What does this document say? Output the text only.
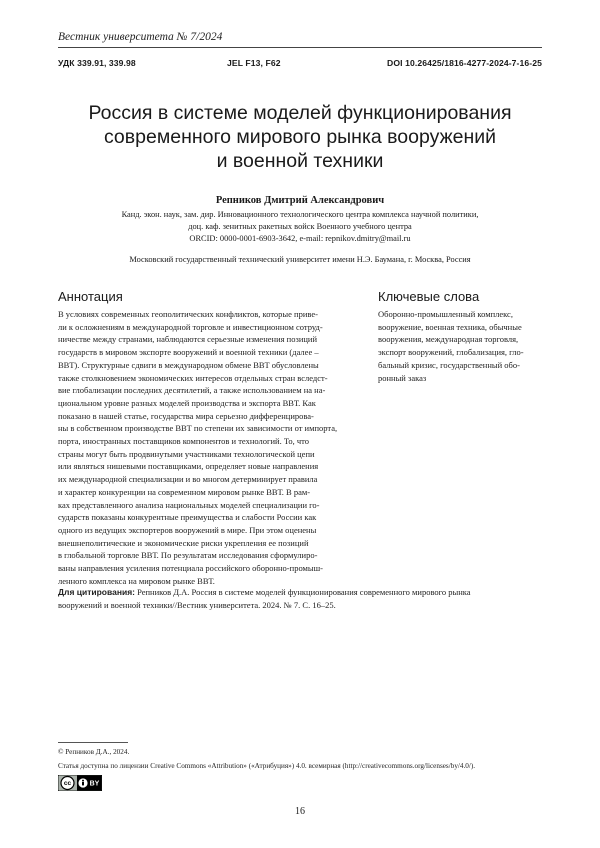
Вестник университета № 7/2024
УДК 339.91, 339.98	JEL F13, F62	DOI 10.26425/1816-4277-2024-7-16-25
Россия в системе моделей функционирования
современного мирового рынка вооружений
и военной техники
Репников Дмитрий Александрович
Канд. экон. наук, зам. дир. Инновационного технологического центра комплекса научной политики,
доц. каф. зенитных ракетных войск Военного учебного центра
ORCID: 0000-0001-6903-3642, e-mail: repnikov.dmitry@mail.ru
Московский государственный технический университет имени Н.Э. Баумана, г. Москва, Россия
Аннотация	Ключевые слова
В условиях современных геополитических конфликтов, которые приве-
ли к осложнениям в международной торговле и инвестиционном сотруд-
ничестве между странами, наблюдаются серьезные изменения позиций
государств в мировом экспорте вооружений и военной техники (далее –
ВВТ). Структурные сдвиги в международном обмене ВВТ обусловлены
также столкновением экономических интересов отдельных стран вследст-
вие глобализации последних десятилетий, а также использованием на на-
циональном уровне разных моделей производства и экспорта ВВТ. Как
показано в нашей статье, государства мира серьезно дифференцирова-
ны в собственном производстве ВВТ по степени их зависимости от импорта,
порта, иностранных поставщиков компонентов и технологий. То, что
страны могут быть продвинутыми участниками технологической цепи
или являться нишевыми поставщиками, определяет новые направления
их международной специализации и во многом детерминирует правила
и характер конкуренции на современном мировом рынке ВВТ. В рам-
ках представленного анализа национальных моделей специализации го-
сударств показаны конкурентные преимущества и слабости России как
одного из ведущих экспортеров вооружений в мире. При этом оценены
внешнеполитические и экономические риски укрепления ее позиций
в глобальной торговле ВВТ. По результатам исследования сформулиро-
ваны направления усиления потенциала российского оборонно-промыш-
ленного комплекса на мировом рынке ВВТ.
Оборонно-промышленный комплекс,
вооружение, военная техника, обычные
вооружения, международная торговля,
экспорт вооружений, глобализация, гло-
бальный кризис, государственный обо-
ронный заказ
Для цитирования: Репников Д.А. Россия в системе моделей функционирования современного мирового рынка
вооружений и военной техники//Вестник университета. 2024. № 7. С. 16–25.
© Репников Д.А., 2024.
Статья доступна по лицензии Creative Commons «Attribution» («Атрибуция») 4.0. всемирная (http://creativecommons.org/licenses/by/4.0/).
cc	BY
16
